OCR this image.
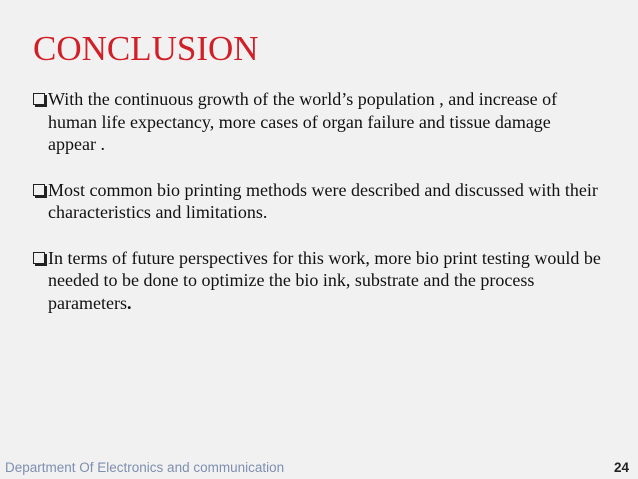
CONCLUSION
With the continuous growth of the world’s population , and increase of human life expectancy, more cases of organ failure and tissue damage appear .
Most common bio printing methods were described and discussed with their characteristics and limitations.
In terms of future perspectives for this work, more bio print testing would be needed to be done to optimize the bio ink, substrate and the process parameters.
Department Of Electronics and communication	24
